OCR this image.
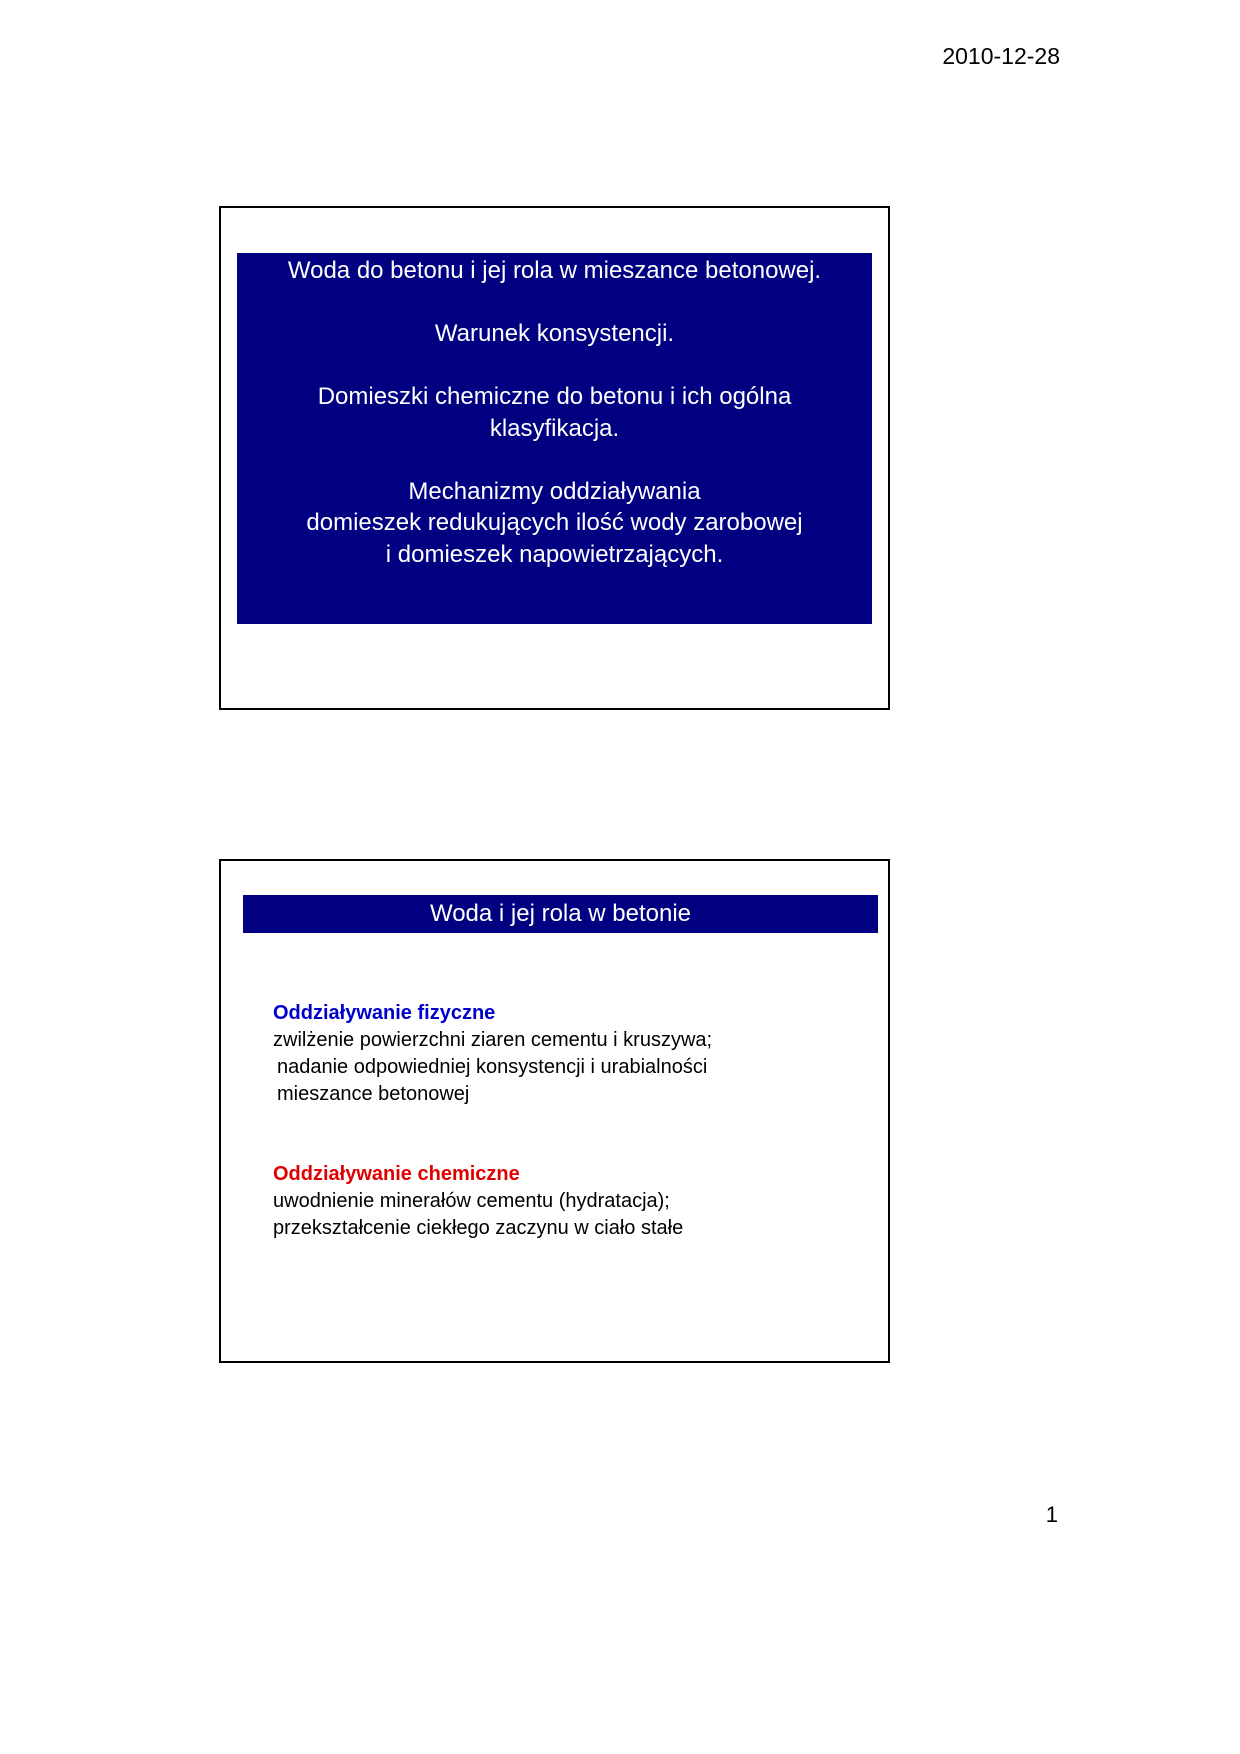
2010-12-28
Woda do betonu i jej rola w mieszance betonowej.
Warunek konsystencji.
Domieszki chemiczne do betonu i ich ogólna
klasyfikacja.
Mechanizmy oddziaływania
domieszek redukujących ilość wody zarobowej
i domieszek napowietrzających.
Woda i jej rola w betonie
Oddziaływanie fizyczne
zwilżenie powierzchni ziaren cementu i kruszywa;
nadanie odpowiedniej konsystencji i urabialności
mieszance betonowej
Oddziaływanie chemiczne
uwodnienie minerałów cementu (hydratacja);
przekształcenie ciekłego zaczynu w ciało stałe
1
